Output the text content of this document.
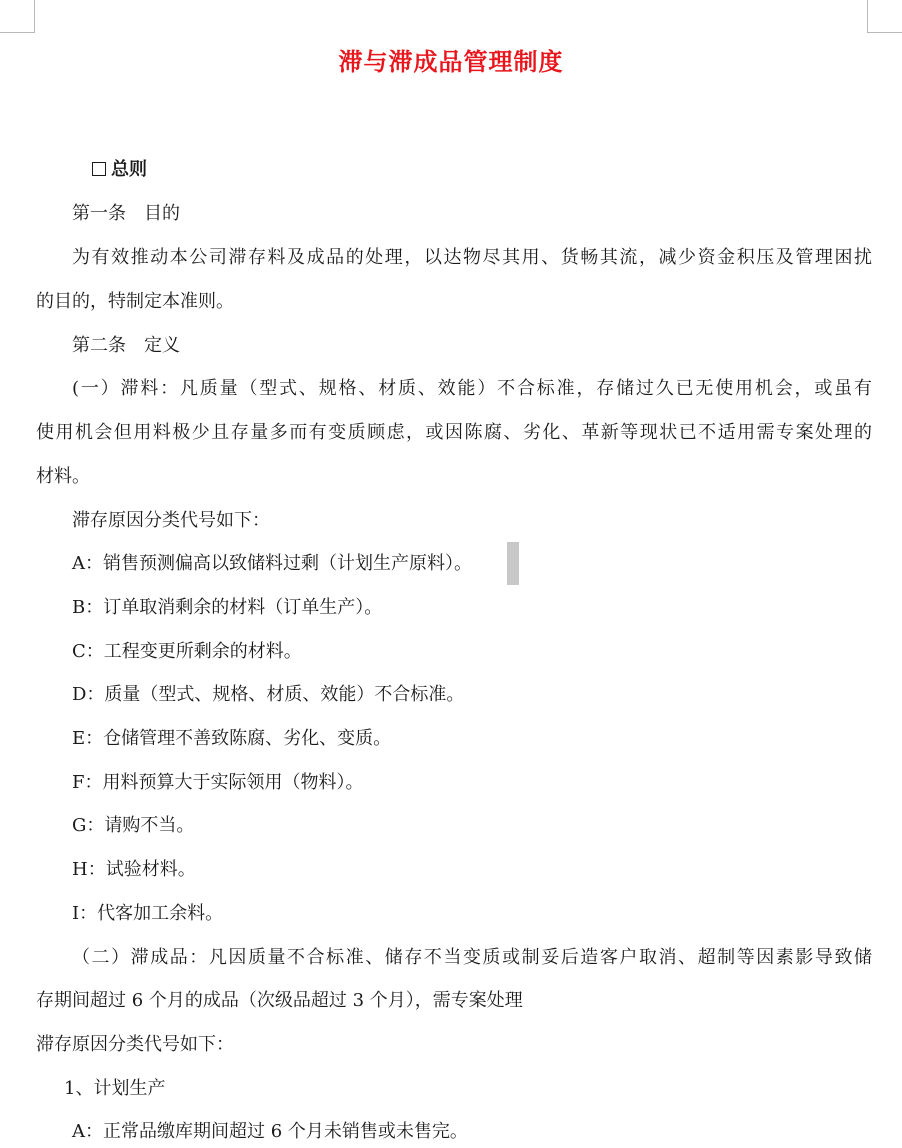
滞与滞成品管理制度
总则
第一条　目的
为有效推动本公司滞存料及成品的处理，以达物尽其用、货畅其流，减少资金积压及管理困扰
的目的，特制定本准则。
第二条　定义
(一）滞料：凡质量（型式、规格、材质、效能）不合标准，存储过久已无使用机会，或虽有
使用机会但用料极少且存量多而有变质顾虑，或因陈腐、劣化、革新等现状已不适用需专案处理的
材料。
滞存原因分类代号如下：
A：销售预测偏高以致储料过剩（计划生产原料）。
B：订单取消剩余的材料（订单生产）。
C：工程变更所剩余的材料。
D：质量（型式、规格、材质、效能）不合标准。
E：仓储管理不善致陈腐、劣化、变质。
F：用料预算大于实际领用（物料）。
G：请购不当。
H：试验材料。
I：代客加工余料。
（二）滞成品：凡因质量不合标准、储存不当变质或制妥后造客户取消、超制等因素影导致储
存期间超过 6 个月的成品（次级品超过 3 个月），需专案处理
滞存原因分类代号如下：
1、计划生产
A：正常品缴库期间超过 6 个月未销售或未售完。
